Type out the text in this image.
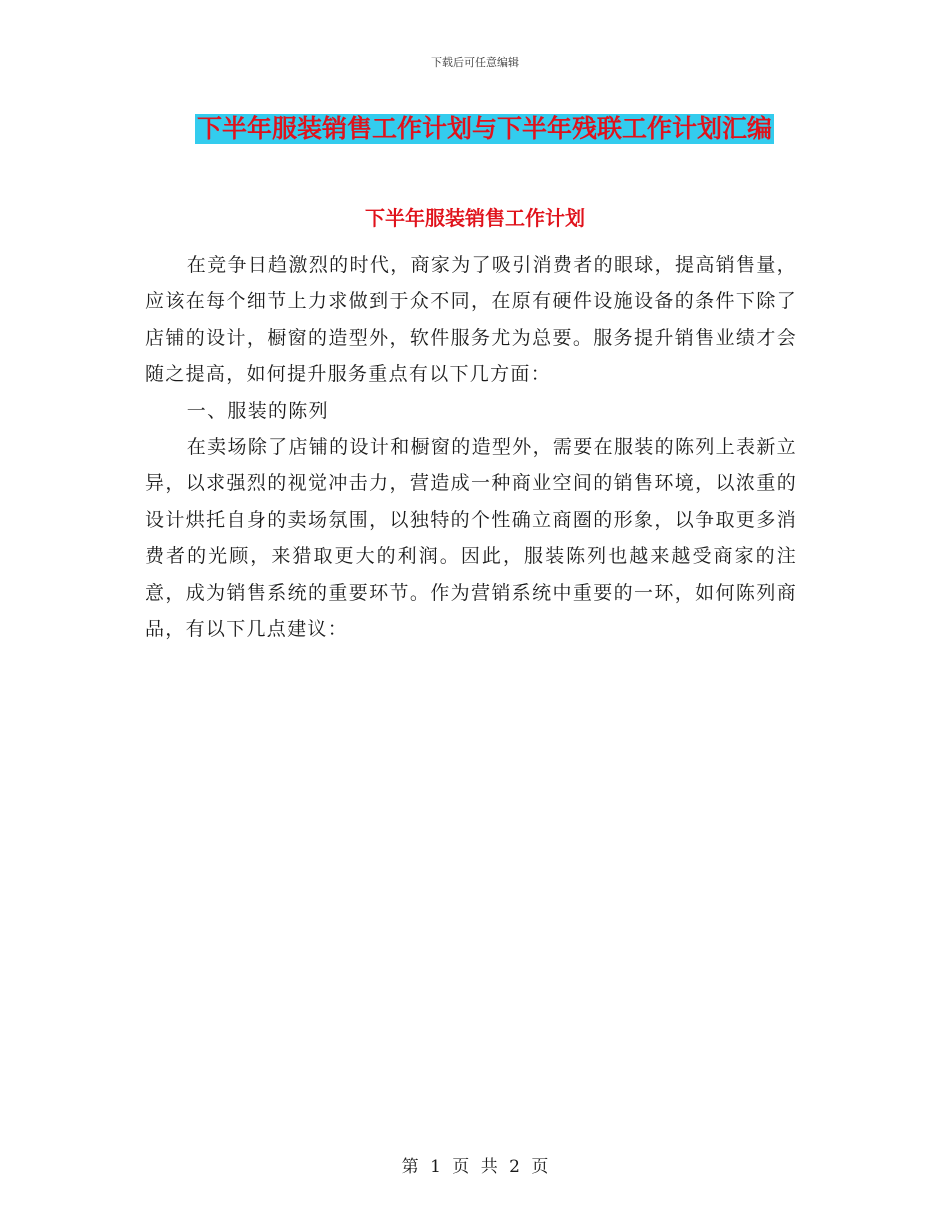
下载后可任意编辑
下半年服装销售工作计划与下半年残联工作计划汇编
下半年服装销售工作计划

在竞争日趋激烈的时代，商家为了吸引消费者的眼球，提高销售量，应该在每个细节上力求做到于众不同，在原有硬件设施设备的条件下除了店铺的设计，橱窗的造型外，软件服务尤为总要。服务提升销售业绩才会随之提高，如何提升服务重点有以下几方面：

一、服装的陈列

在卖场除了店铺的设计和橱窗的造型外，需要在服装的陈列上表新立异，以求强烈的视觉冲击力，营造成一种商业空间的销售环境，以浓重的设计烘托自身的卖场氛围，以独特的个性确立商圈的形象，以争取更多消费者的光顾，来猎取更大的利润。因此，服装陈列也越来越受商家的注意，成为销售系统的重要环节。作为营销系统中重要的一环，如何陈列商品，有以下几点建议：

第 1 页 共 2 页
